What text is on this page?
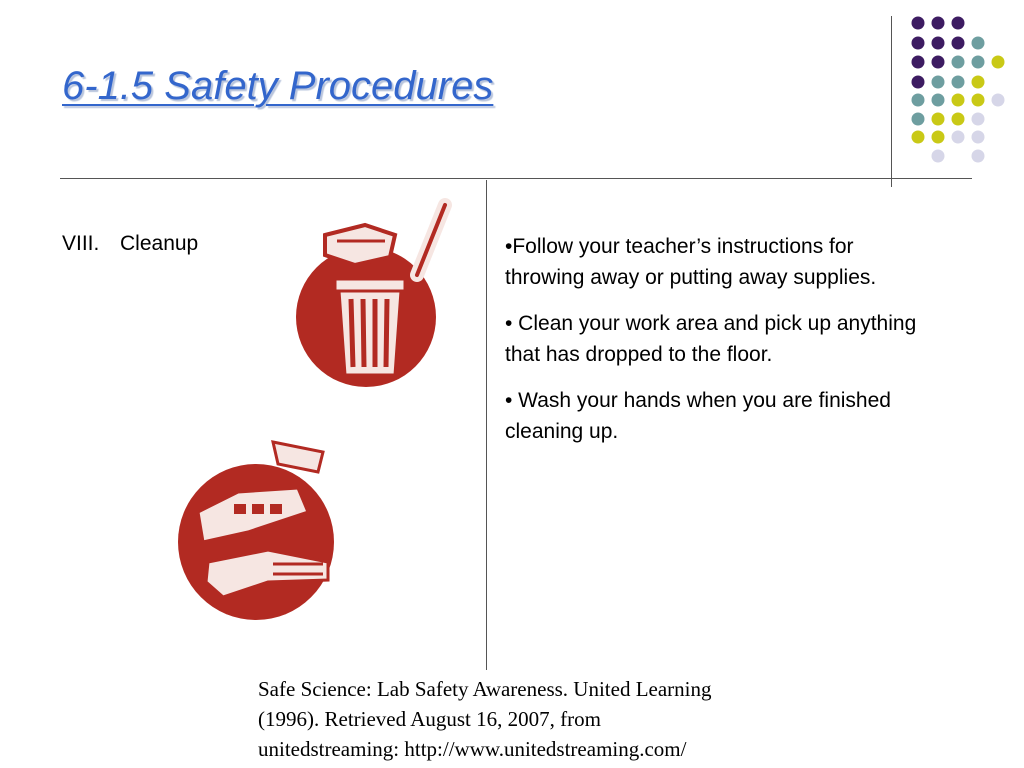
6-1.5 Safety Procedures
VIII. Cleanup	•Follow your teacher’s instructions for throwing away or putting away supplies.

• Clean your work area and pick up anything that has dropped to the floor.

• Wash your hands when you are finished cleaning up.

Safe Science: Lab Safety Awareness. United Learning
(1996). Retrieved August 16, 2007, from
unitedstreaming: http://www.unitedstreaming.com/
